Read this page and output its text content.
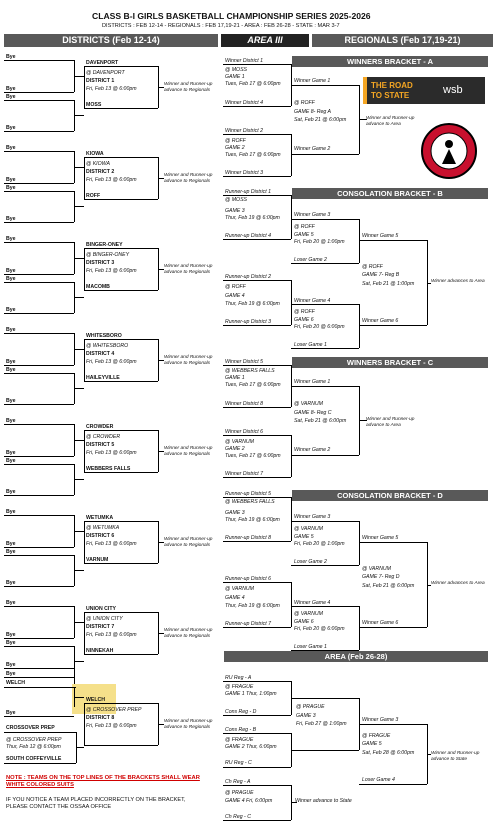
CLASS B-I GIRLS BASKETBALL CHAMPIONSHIP SERIES 2025-2026
DISTRICTS : FEB 12-14 - REGIONALS : FEB 17,19-21 - AREA : FEB 26-28 - STATE : MAR 3-7
DISTRICTS (Feb 12-14)	AREA III	REGIONALS (Feb 17,19-21)
Bye
Bye
Bye
Bye
DAVENPORT
@ DAVENPORT
DISTRICT 1
Fri, Feb 13 @ 6:00pm
MOSS
Winner and Runner-up advance to Regionals
Bye
Bye
Bye
Bye
KIOWA
@ KIOWA
DISTRICT 2
Fri, Feb 13 @ 6:00pm
ROFF
Winner and Runner-up advance to Regionals
Bye
Bye
Bye
Bye
BINGER-ONEY
@ BINGER-ONEY
DISTRICT 3
Fri, Feb 13 @ 6:00pm
MACOMB
Winner and Runner-up advance to Regionals
Bye
Bye
Bye
Bye
WHITESBORO
@ WHITESBORO
DISTRICT 4
Fri, Feb 13 @ 6:00pm
HAILEYVILLE
Winner and Runner-up advance to Regionals
Bye
Bye
Bye
Bye
CROWDER
@ CROWDER
DISTRICT 5
Fri, Feb 13 @ 6:00pm
WEBBERS FALLS
Winner and Runner-up advance to Regionals
Bye
Bye
Bye
Bye
WETUMKA
@ WETUMKA
DISTRICT 6
Fri, Feb 13 @ 6:00pm
VARNUM
Winner and Runner-up advance to Regionals
Bye
Bye
Bye
Bye
UNION CITY
@ UNION CITY
DISTRICT 7
Fri, Feb 13 @ 6:00pm
NINNEKAH
Winner and Runner-up advance to Regionals
WELCH
@ CROSSOVER PREP
DISTRICT 8
Fri, Feb 13 @ 6:00pm
Winner and Runner-up advance to Regionals
Bye
Bye
WELCH
CROSSOVER PREP
@ CROSSOVER PREP
Thur, Feb 12 @ 6:00pm
SOUTH COFFEYVILLE
NOTE : TEAMS ON THE TOP LINES OF THE BRACKETS SHALL WEAR WHITE COLORED SUITS
IF YOU NOTICE A TEAM PLACED INCORRECTLY ON THE BRACKET, PLEASE CONTACT THE OSSAA OFFICE
THE ROAD
TO STATE	wsb
WINNERS BRACKET - A
Winner District 1
@ MOSS
GAME 1
Tues, Feb 17 @ 6:00pm
Winner District 4
Winner District 2
@ ROFF
GAME 2
Tues, Feb 17 @ 6:00pm
Winner District 3
Winner Game 1
@ ROFF
GAME 8- Reg A
Sat, Feb 21 @ 6:00pm
Winner Game 2
Winner and Runner-up advance to Area
CONSOLATION BRACKET - B
Runner-up District 1
@ MOSS
GAME 3
Thur, Feb 19 @ 6:00pm
Runner-up District 4
Runner-up District 2
@ ROFF
GAME 4
Thur, Feb 19 @ 6:00pm
Runner-up District 3
Winner Game 3
@ ROFF
GAME 5
Fri, Feb 20 @ 1:00pm
Loser Game 2
Winner Game 4
@ ROFF
GAME 6
Fri, Feb 20 @ 6:00pm
Loser Game 1
Winner Game 5
@ ROFF
GAME 7- Reg B
Sat, Feb 21 @ 1:00pm
Winner Game 6
Winner advances to Area
WINNERS BRACKET - C
Winner District 5
@ WEBBERS FALLS
GAME 1
Tues, Feb 17 @ 6:00pm
Winner District 8
Winner District 6
@ VARNUM
GAME 2
Tues, Feb 17 @ 6:00pm
Winner District 7
Winner Game 1
@ VARNUM
GAME 8- Reg C
Sat, Feb 21 @ 6:00pm
Winner Game 2
Winner and Runner-up advance to Area
CONSOLATION BRACKET - D
Runner-up District 5
@ WEBBERS FALLS
GAME 3
Thur, Feb 19 @ 6:00pm
Runner-up District 8
Runner-up District 6
@ VARNUM
GAME 4
Thur, Feb 19 @ 6:00pm
Runner-up District 7
Winner Game 3
@ VARNUM
GAME 5
Fri, Feb 20 @ 1:00pm
Loser Game 2
Winner Game 4
@ VARNUM
GAME 6
Fri, Feb 20 @ 6:00pm
Loser Game 1
Winner Game 5
@ VARNUM
GAME 7- Reg D
Sat, Feb 21 @ 6:00pm
Winner Game 6
Winner advances to Area
AREA (Feb 26-28)
RU Reg - A
@ FRAGUE
GAME 1 Thur, 1:00pm
Cons Reg - D
Cons Reg - B
@ FRAGUE
GAME 2 Thur, 6:00pm
RU Reg - C
@ PRAGUE
GAME 3
Fri, Feb 27 @ 1:00pm
Winner Game 3
@ FRAGUE
GAME 5
Sat, Feb 28 @ 6:00pm
Loser Game 4
Winner and Runner-up advance to State
Ch Reg - A
@ PRAGUE
GAME 4 Fri, 6:00pm
Ch Reg - C
Winner advance to State
